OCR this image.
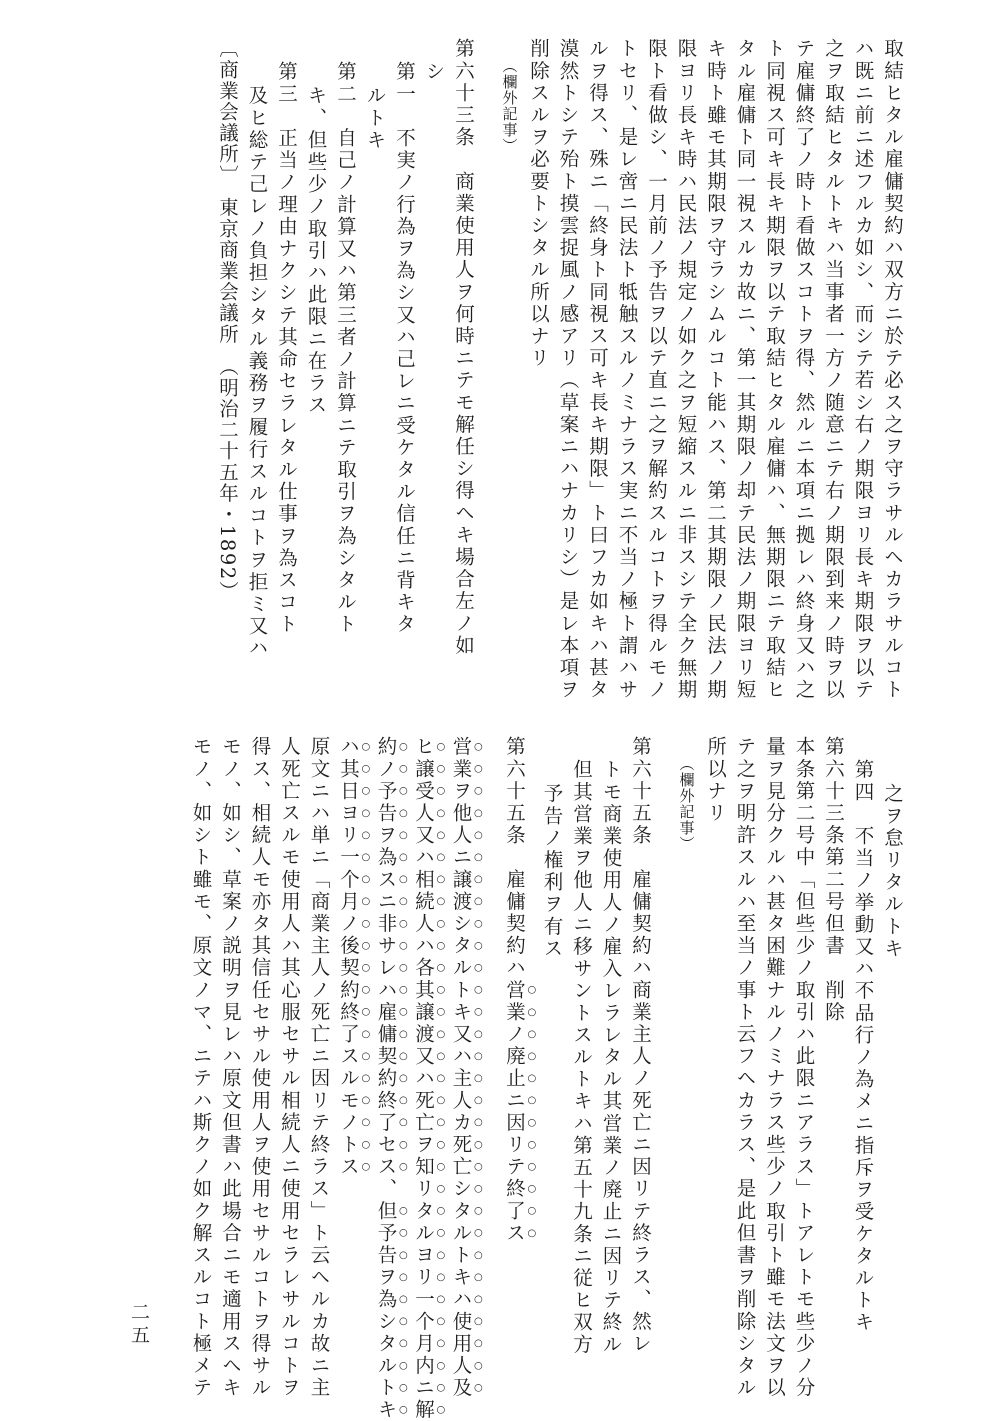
取結ヒタル雇傭契約ハ双方ニ於テ必ス之ヲ守ラサルヘカラサルコト
ハ既ニ前ニ述フルカ如シ、而シテ若シ右ノ期限ヨリ長キ期限ヲ以テ
之ヲ取結ヒタルトキハ当事者一方ノ随意ニテ右ノ期限到来ノ時ヲ以
テ雇傭終了ノ時ト看做スコトヲ得、然ルニ本項ニ拠レハ終身又ハ之
ト同視ス可キ長キ期限ヲ以テ取結ヒタル雇傭ハ、無期限ニテ取結ヒ
タル雇傭ト同一視スルカ故ニ、第一其期限ノ却テ民法ノ期限ヨリ短
キ時ト雖モ其期限ヲ守ラシムルコト能ハス、第二其期限ノ民法ノ期
限ヨリ長キ時ハ民法ノ規定ノ如ク之ヲ短縮スルニ非スシテ全ク無期
限ト看做シ、一月前ノ予告ヲ以テ直ニ之ヲ解約スルコトヲ得ルモノ
トセリ、是レ啻ニ民法ト牴触スルノミナラス実ニ不当ノ極ト謂ハサ
ルヲ得ス、殊ニ「終身ト同視ス可キ長キ期限」ト曰フカ如キハ甚タ
漠然トシテ殆ト摸雲捉風ノ感アリ（草案ニハナカリシ）是レ本項ヲ
削除スルヲ必要トシタル所以ナリ
（欄外記事）
第六十三条　商業使用人ヲ何時ニテモ解任シ得ヘキ場合左ノ如
シ
第一　不実ノ行為ヲ為シ又ハ己レニ受ケタル信任ニ背キタ
ルトキ
第二　自己ノ計算又ハ第三者ノ計算ニテ取引ヲ為シタルト
キ、但些少ノ取引ハ此限ニ在ラス
第三　正当ノ理由ナクシテ其命セラレタル仕事ヲ為スコト
及ヒ総テ己レノ負担シタル義務ヲ履行スルコトヲ拒ミ又ハ
〔商業会議所〕　東京商業会議所　（明治二十五年・1892）
之ヲ怠リタルトキ
第四　不当ノ挙動又ハ不品行ノ為メニ指斥ヲ受ケタルトキ
第六十三条第二号但書　削除
本条第二号中「但些少ノ取引ハ此限ニアラス」トアレトモ些少ノ分
量ヲ見分クルハ甚タ困難ナルノミナラス些少ノ取引ト雖モ法文ヲ以
テ之ヲ明許スルハ至当ノ事ト云フヘカラス、是此但書ヲ削除シタル
所以ナリ
（欄外記事）
第六十五条　雇傭契約ハ商業主人ノ死亡ニ因リテ終ラス、然レ
トモ商業使用人ノ雇入レラレタル其営業ノ廃止ニ因リテ終ル
但其営業ヲ他人ニ移サントスルトキハ第五十九条ニ従ヒ双方
予告ノ権利ヲ有ス
第六十五条　雇傭契約ハ営業ノ廃止ニ因リテ終了ス
営業ヲ他人ニ譲渡シタルトキ又ハ主人カ死亡シタルトキハ使用人及
ヒ譲受人又ハ相続人ハ各其譲渡又ハ死亡ヲ知リタルヨリ一个月内ニ解
約ノ予告ヲ為スニ非サレハ雇傭契約終了セス、但予告ヲ為シタルトキ
ハ其日ヨリ一个月ノ後契約終了スルモノトス
原文ニハ単ニ「商業主人ノ死亡ニ因リテ終ラス」ト云ヘルカ故ニ主
人死亡スルモ使用人ハ其心服セサル相続人ニ使用セラレサルコトヲ
得ス、相続人モ亦タ其信任セサル使用人ヲ使用セサルコトヲ得サル
モノ、如シ、草案ノ説明ヲ見レハ原文但書ハ此場合ニモ適用スヘキ
モノ、如シト雖モ、原文ノマ、ニテハ斯クノ如ク解スルコト極メテ
二五
